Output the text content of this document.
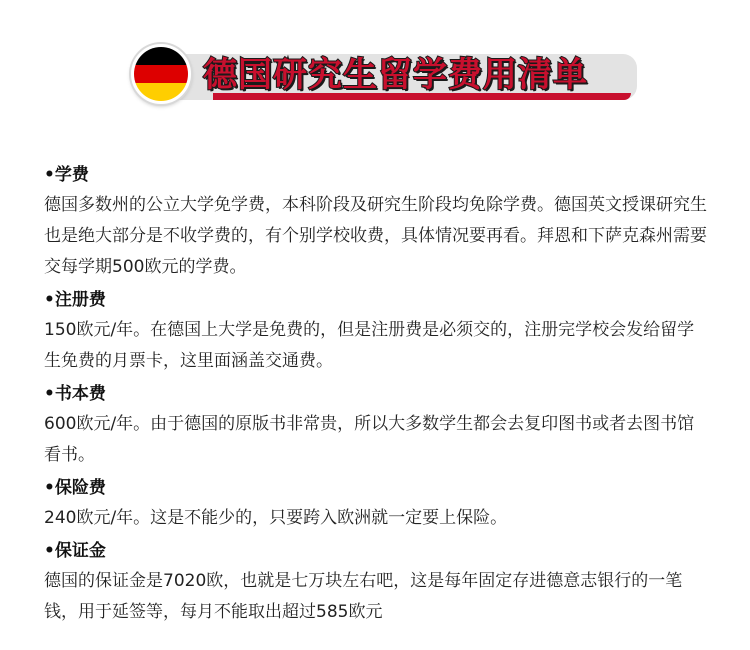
德国研究生留学费用清单

•学费

德国多数州的公立大学免学费，本科阶段及研究生阶段均免除学费。德国英文授课研究生也是绝大部分是不收学费的，有个别学校收费，具体情况要再看。拜恩和下萨克森州需要交每学期500欧元的学费。

•注册费

150欧元/年。在德国上大学是免费的，但是注册费是必须交的，注册完学校会发给留学生免费的月票卡，这里面涵盖交通费。

•书本费

600欧元/年。由于德国的原版书非常贵，所以大多数学生都会去复印图书或者去图书馆看书。

•保险费

240欧元/年。这是不能少的，只要跨入欧洲就一定要上保险。

•保证金

德国的保证金是7020欧，也就是七万块左右吧，这是每年固定存进德意志银行的一笔钱，用于延签等，每月不能取出超过585欧元
